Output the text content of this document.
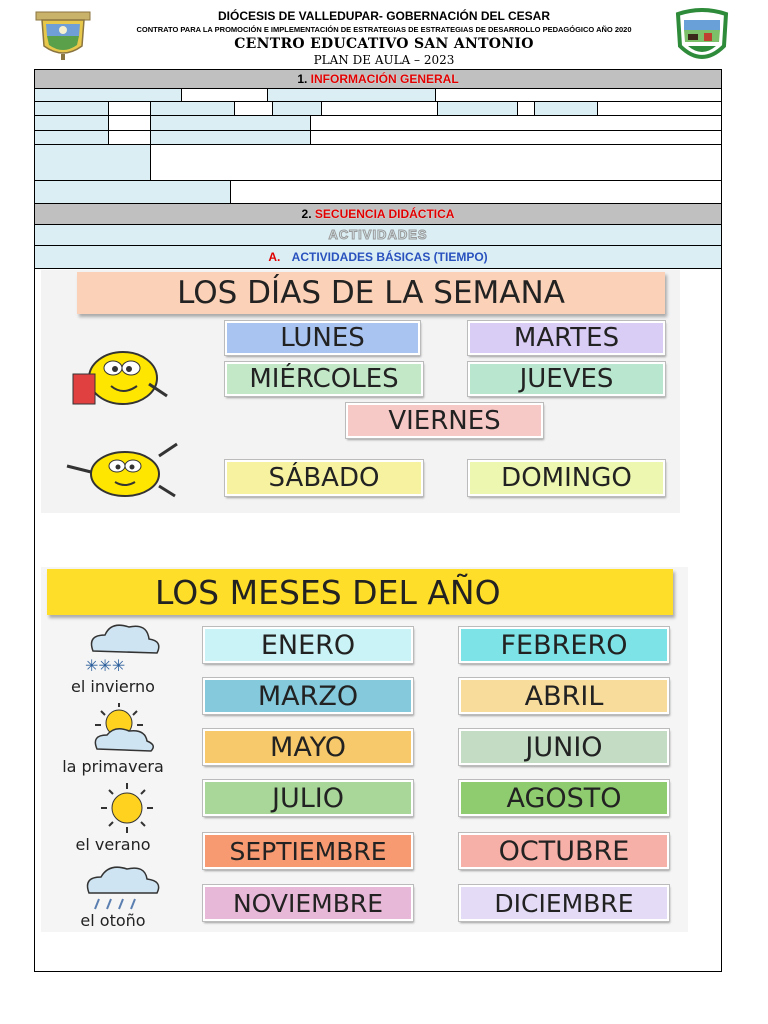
DIÓCESIS DE VALLEDUPAR- GOBERNACIÓN DEL CESAR
CONTRATO PARA LA PROMOCIÓN E IMPLEMENTACIÓN DE ESTRATEGIAS DE ESTRATEGIAS DE DESARROLLO PEDAGÓGICO AÑO 2020
CENTRO EDUCATIVO SAN ANTONIO
PLAN DE AULA – 2023
1. INFORMACIÓN GENERAL
2. SECUENCIA DIDÁCTICA
ACTIVIDADES
A. ACTIVIDADES BÁSICAS (TIEMPO)
LOS DÍAS DE LA SEMANA
LUNES	MARTES
MIÉRCOLES	JUEVES
VIERNES
SÁBADO	DOMINGO
LOS MESES DEL AÑO
ENERO	FEBRERO
MARZO	ABRIL
MAYO	JUNIO
JULIO	AGOSTO
SEPTIEMBRE	OCTUBRE
NOVIEMBRE	DICIEMBRE
✳✳✳
el invierno
la primavera
el verano
el otoño
